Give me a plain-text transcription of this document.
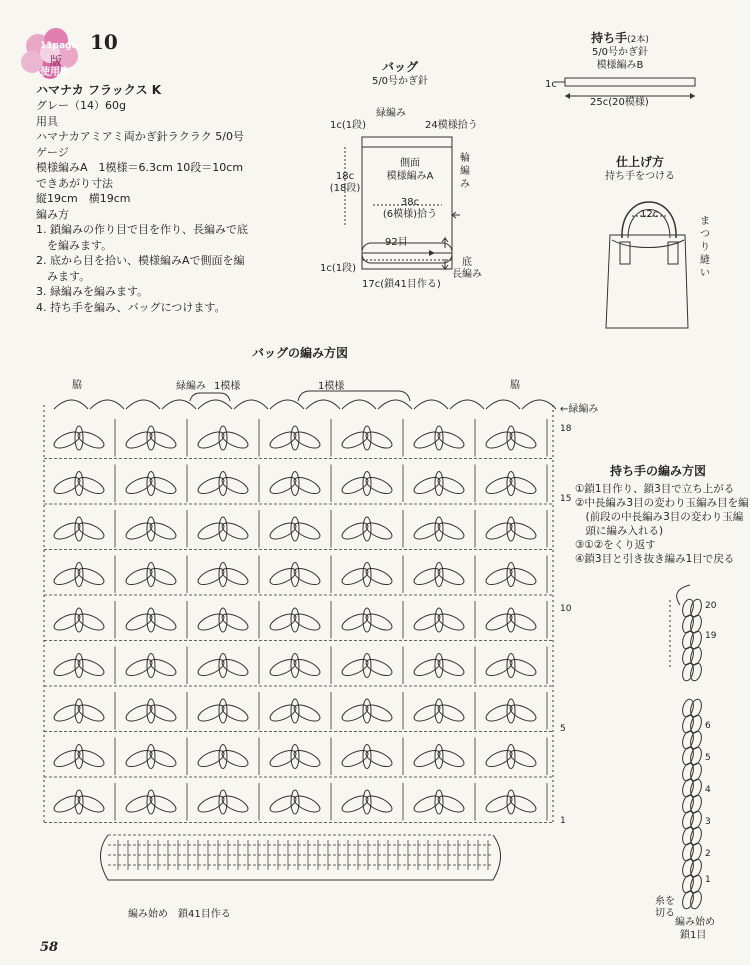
11page
版
使用糸
10
ハマナカ フラックス K
グレー（14）60g
用具
ハマナカアミアミ両かぎ針ラクラク 5/0号
ゲージ
模様編みA　1模様＝6.3cm 10段＝10cm
できあがり寸法
縦19cm　横19cm
編み方
1. 鎖編みの作り目で目を作り、長編みで底
　を編みます。
2. 底から目を拾い、模様編みAで側面を編
　みます。
3. 緑編みを編みます。
4. 持ち手を編み、バッグにつけます。
バッグ
5/0号かぎ針
緑編み
24模様拾う
1c(1段)
側面
模様編みA
輪編み
18c
(18段)
38c
(6模様)拾う
92目
1c(1段)
底
長編み
17c(鎖41目作る)
持ち手(2本)
5/0号かぎ針
模様編みB
1c
25c(20模様)
仕上げ方
持ち手をつける
12c
まつり縫い
バッグの編み方図
脇	脇
緑編み 1模様	1模様
←緑編み
18
15
10
5
1
編み始め　鎖41目作る
持ち手の編み方図
①鎖1目作り、鎖3目で立ち上がる
②中長編み3目の変わり玉編み目を編
　(前段の中長編み3目の変わり玉編
　頭に編み入れる)
③①②をくり返す
④鎖3目と引き抜き編み1目で戻る
20
19
6
5
4
3
2
1
糸を
切る
編み始め
鎖1目
58
